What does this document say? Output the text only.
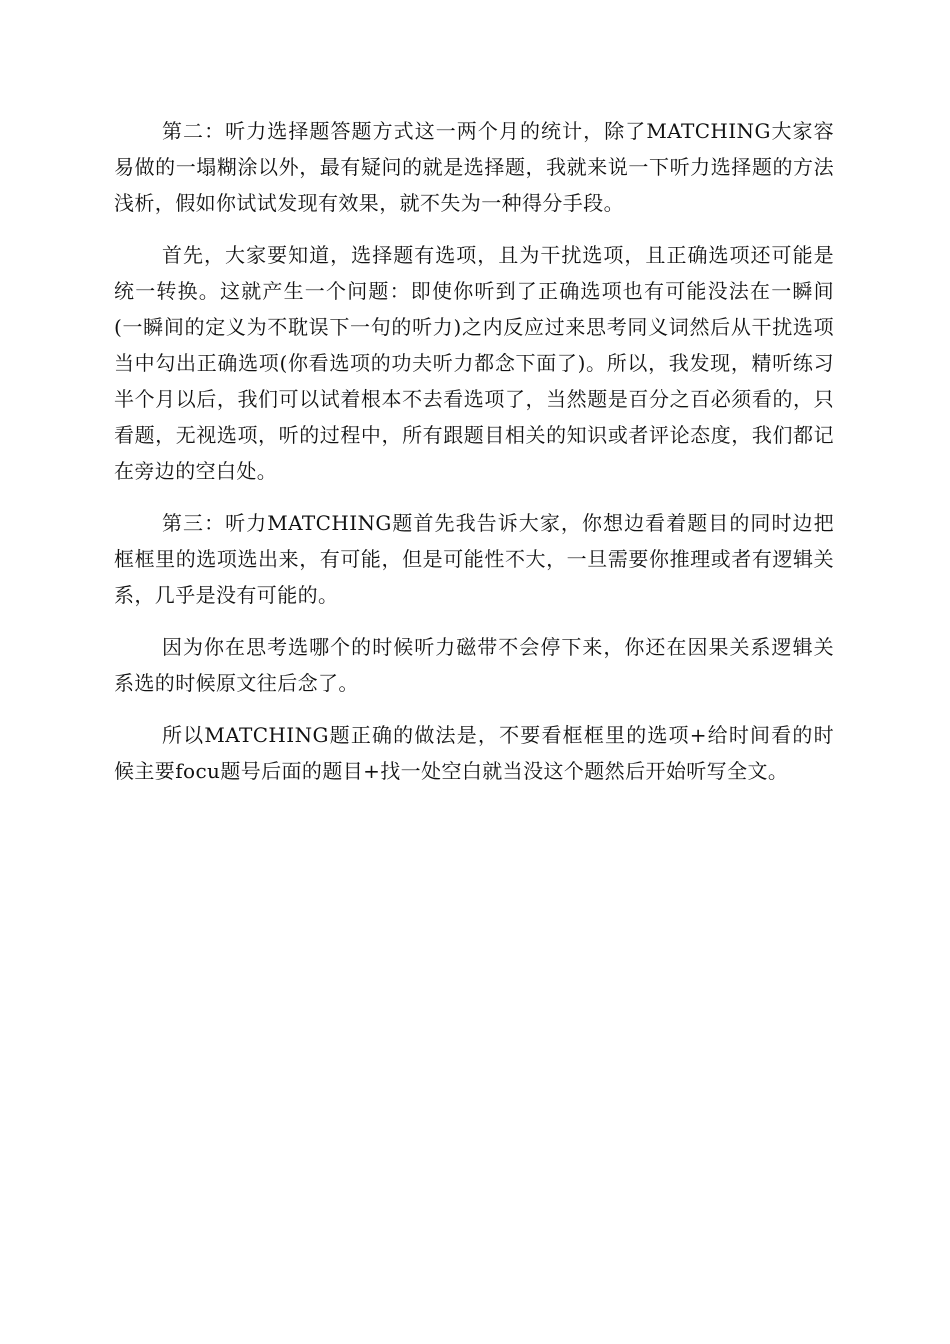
第二：听力选择题答题方式这一两个月的统计，除了MATCHING大家容易做的一塌糊涂以外，最有疑问的就是选择题，我就来说一下听力选择题的方法浅析，假如你试试发现有效果，就不失为一种得分手段。

首先，大家要知道，选择题有选项，且为干扰选项，且正确选项还可能是统一转换。这就产生一个问题：即使你听到了正确选项也有可能没法在一瞬间(一瞬间的定义为不耽误下一句的听力)之内反应过来思考同义词然后从干扰选项当中勾出正确选项(你看选项的功夫听力都念下面了)。所以，我发现，精听练习半个月以后，我们可以试着根本不去看选项了，当然题是百分之百必须看的，只看题，无视选项，听的过程中，所有跟题目相关的知识或者评论态度，我们都记在旁边的空白处。

第三：听力MATCHING题首先我告诉大家，你想边看着题目的同时边把框框里的选项选出来，有可能，但是可能性不大，一旦需要你推理或者有逻辑关系，几乎是没有可能的。

因为你在思考选哪个的时候听力磁带不会停下来，你还在因果关系逻辑关系选的时候原文往后念了。

所以MATCHING题正确的做法是，不要看框框里的选项+给时间看的时候主要focu题号后面的题目+找一处空白就当没这个题然后开始听写全文。
